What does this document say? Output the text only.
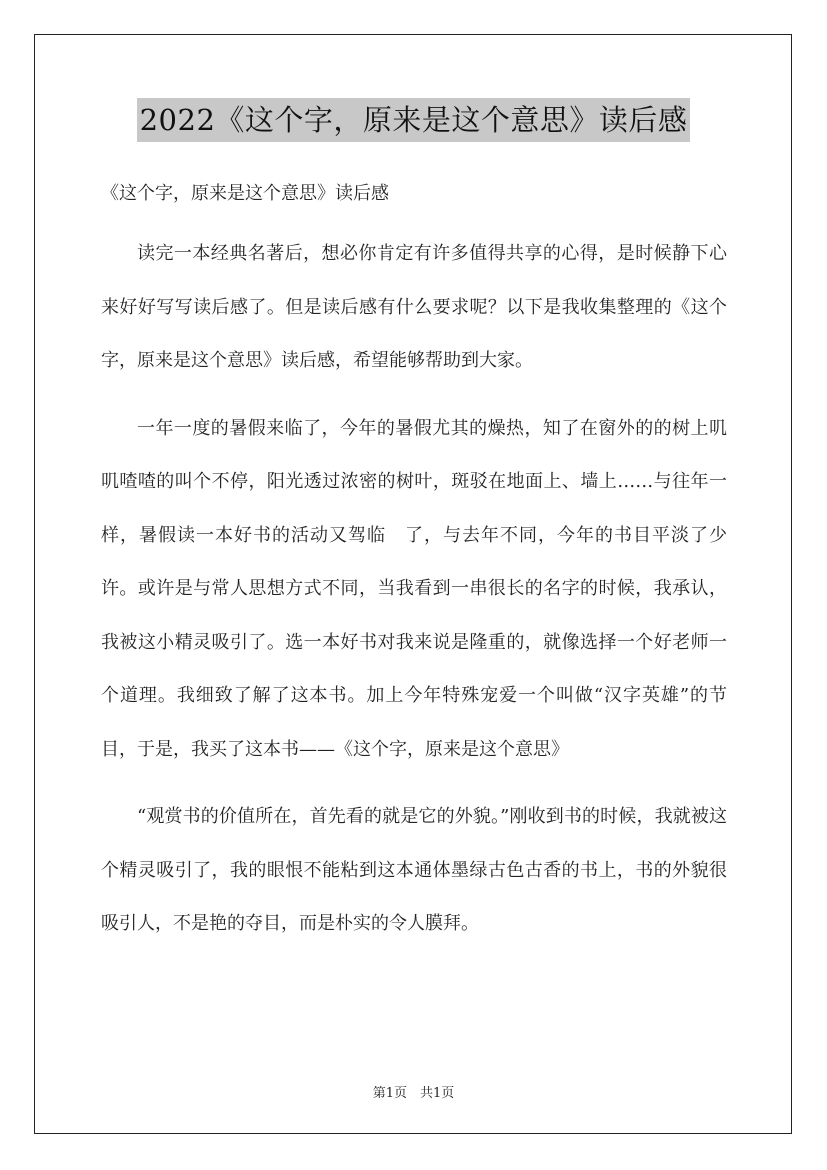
2022《这个字，原来是这个意思》读后感

《这个字，原来是这个意思》读后感

读完一本经典名著后，想必你肯定有许多值得共享的心得，是时候静下心来好好写写读后感了。但是读后感有什么要求呢？以下是我收集整理的《这个字，原来是这个意思》读后感，希望能够帮助到大家。

一年一度的暑假来临了，今年的暑假尤其的燥热，知了在窗外的的树上叽叽喳喳的叫个不停，阳光透过浓密的树叶，斑驳在地面上、墙上……与往年一样，暑假读一本好书的活动又驾临　了，与去年不同，今年的书目平淡了少许。或许是与常人思想方式不同，当我看到一串很长的名字的时候，我承认，我被这小精灵吸引了。选一本好书对我来说是隆重的，就像选择一个好老师一个道理。我细致了解了这本书。加上今年特殊宠爱一个叫做“汉字英雄”的节目，于是，我买了这本书——《这个字，原来是这个意思》

“观赏书的价值所在，首先看的就是它的外貌。”刚收到书的时候，我就被这个精灵吸引了，我的眼恨不能粘到这本通体墨绿古色古香的书上，书的外貌很吸引人，不是艳的夺目，而是朴实的令人膜拜。

第1页　共1页
